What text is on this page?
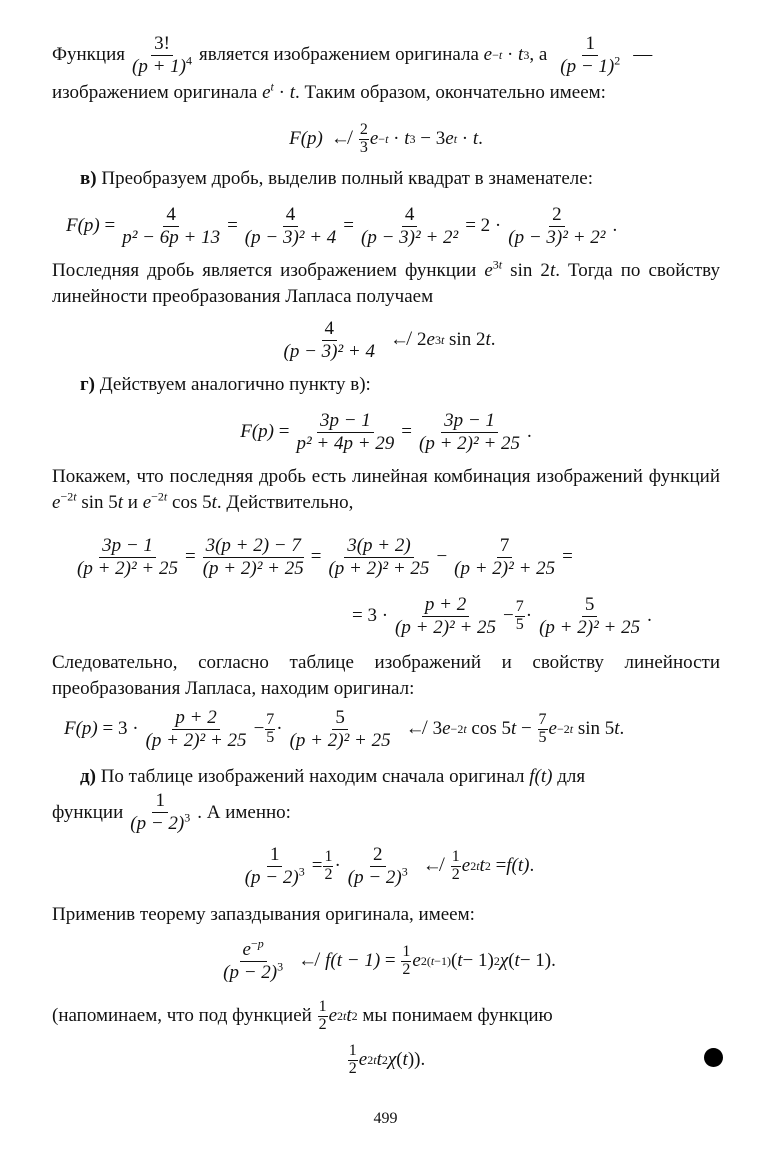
Функция $\frac{3!}{(p + 1)^4}$ является изображением оригинала
e −t · t 3 , а $\frac{1}{(p - 1)^2}$ —

изображением оригинала $e^t \cdot t$. Таким образом, окончательно имеем:

F(p) ↚ 2
3 e −t · t 3 − 3 e t · t .

в) Преобразуем дробь, выделив полный квадрат в знаменателе:

$F(p) = \frac{4}{\text{p² − 6p + 13}} = \frac{4}{\text{(p − 3)² + 4}} = \frac{4}{\text{(p − 3)² + 2²}} = 2 \cdot \frac{2}{\text{(p − 3)² + 2²}}$ .

Последняя дробь является изображением функции $e^{3t}$ sin 2t. Тогда по свойству линейности преобразования Лапласа получаем

$\frac{4}{\text{(p − 3)² + 4}}$ ↚ 2 e 3t sin 2 t .

г) Действуем аналогично пункту в):

$F(p) = \frac{3p - 1}{\text{p² + 4p + 29}} = \frac{3p - 1}{\text{(p + 2)² + 25}}$ .

Покажем, что последняя дробь есть линейная комбинация изображений функций $e^{-2t}$ sin 5t и $e^{-2t}$ cos 5t. Действительно,

$\frac{3p - 1}{\text{(p + 2)² + 25}} = \frac{3(p + 2) - 7}{\text{(p + 2)² + 25}} = \frac{3(p + 2)}{\text{(p + 2)² + 25}} - \frac{7}{\text{(p + 2)² + 25}}$ =
= $3 \cdot \frac{p + 2}{\text{(p + 2)² + 25}} - 7$
$5 \cdot \frac{5}{\text{(p + 2)² + 25}}$ .

Следовательно, согласно таблице изображений и свойству линейности преобразования Лапласа, находим оригинал:

$F(p) = 3 \cdot \frac{p + 2}{\text{(p + 2)² + 25}} - 7$
$5 \cdot \frac{5}{\text{(p + 2)² + 25}}$ ↚ 3 e −2t cos 5 t − 7
5 e −2t sin 5 t .

д) По таблице изображений находим сначала оригинал f(t) для

функции $\frac{1}{(p - 2)^3}$ . А именно:
$\frac{1}{(p - 2)^3} = 1$
$2 \cdot \frac{2}{(p - 2)^3}$ ↚ 1
2 e 2t t 2 = f(t) .

Применив теорему запаздывания оригинала, имеем:

$\frac{e^{-p}}{(p - 2)^3}$ ↚ f(t − 1) = 1
2 e 2(t−1) ( t − 1) 2 χ ( t − 1).
(напоминаем, что под функцией
1
2 e 2t t 2
мы понимаем функцию
1
2 e 2t t 2 χ ( t )).
499
